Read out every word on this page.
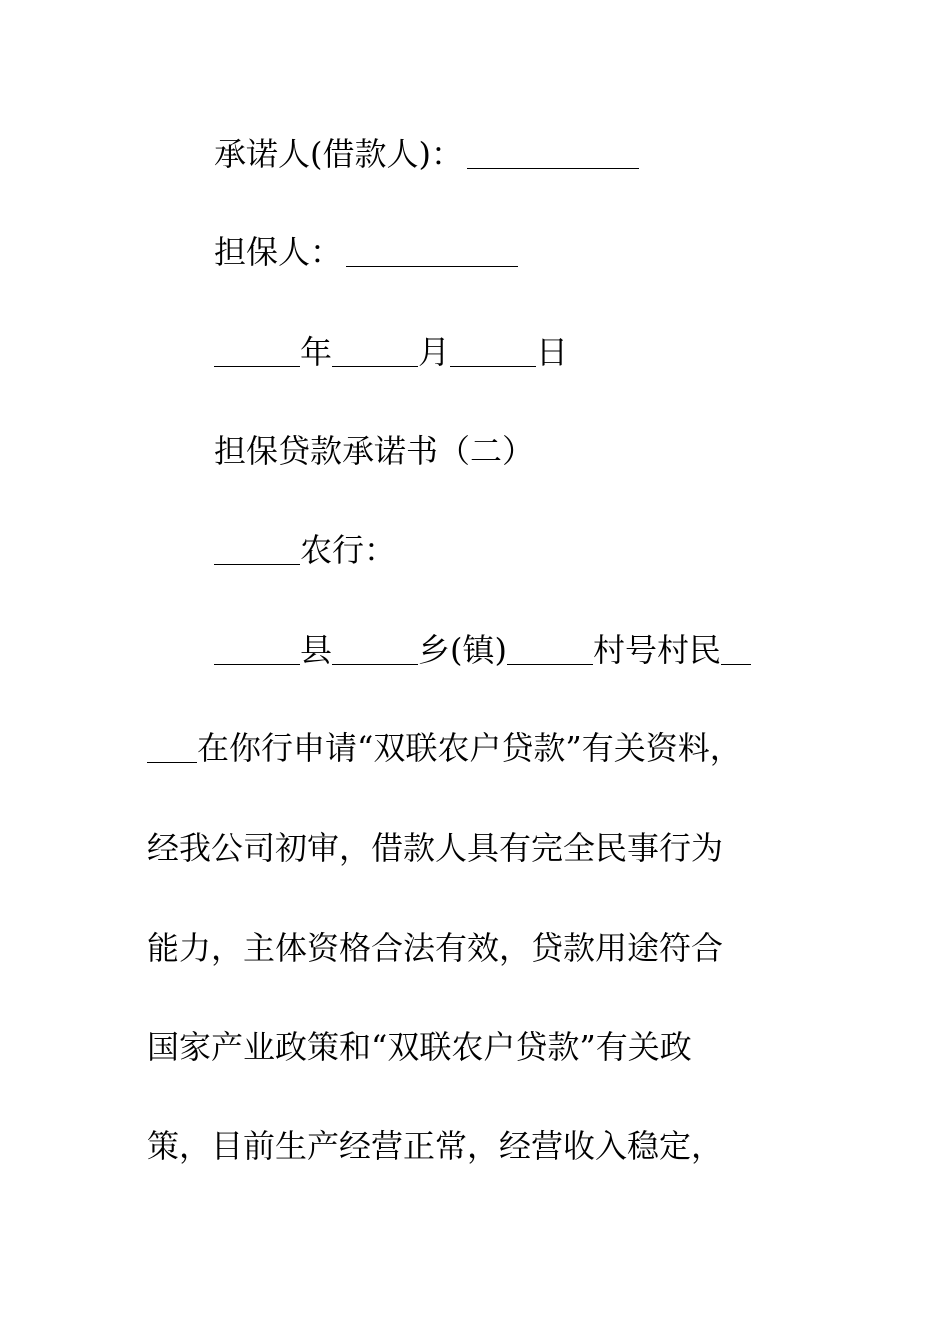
承诺人(借款人)：
担保人：
年	月	日
担保贷款承诺书（二）
农行：
县	乡(镇)	村号村民
在你行申请“双联农户贷款”有关资料，
经我公司初审，借款人具有完全民事行为
能力，主体资格合法有效，贷款用途符合
国家产业政策和“双联农户贷款”有关政
策，目前生产经营正常，经营收入稳定，
